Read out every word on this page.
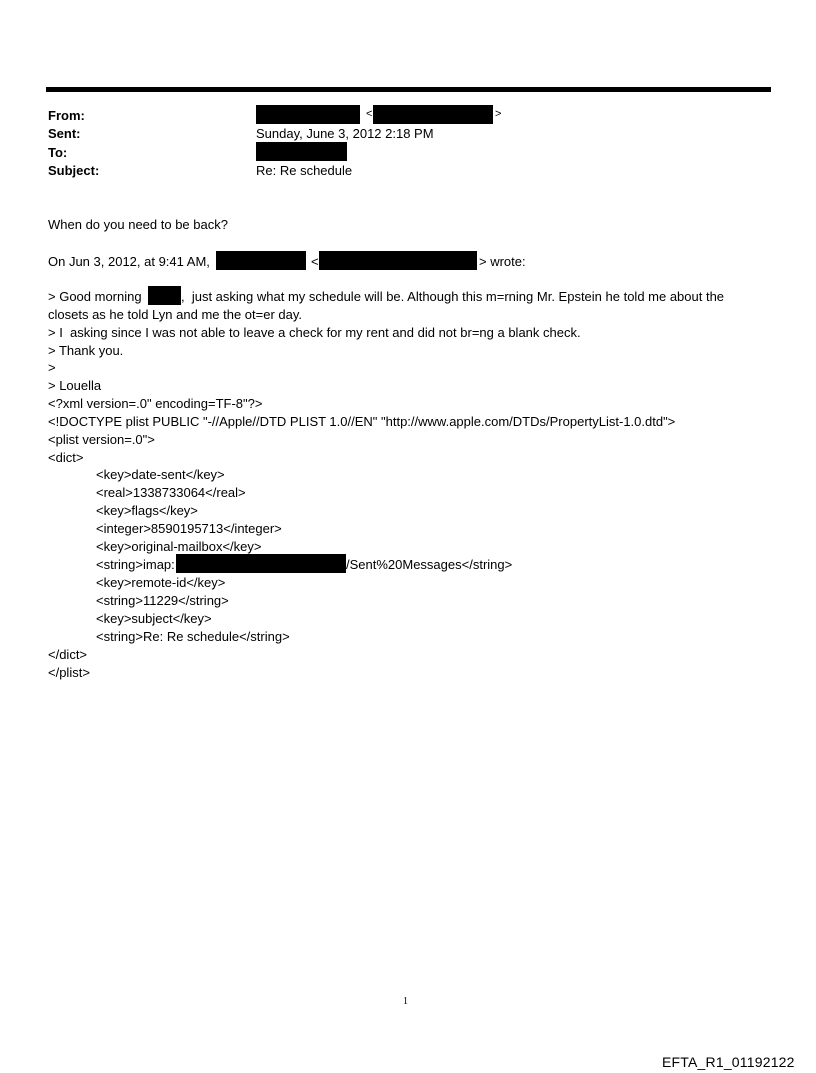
From:	<	>
Sent:	Sunday, June 3, 2012 2:18 PM
To:
Subject:	Re: Re schedule
When do you need to be back?
On Jun 3, 2012, at 9:41 AM,	<	> wrote:
> Good morning	,  just asking what my schedule will be. Although this m=rning Mr. Epstein he told me about the
closets as he told Lyn and me the ot=er day.
> I  asking since I was not able to leave a check for my rent and did not br=ng a blank check.
> Thank you.
>
> Louella
<?xml version=.0" encoding=TF-8"?>
<!DOCTYPE plist PUBLIC "-//Apple//DTD PLIST 1.0//EN" "http://www.apple.com/DTDs/PropertyList-1.0.dtd">
<plist version=.0">
<dict>
<key>date-sent</key>
<real>1338733064</real>
<key>flags</key>
<integer>8590195713</integer>
<key>original-mailbox</key>
<string>imap:	/Sent%20Messages</string>
<key>remote-id</key>
<string>11229</string>
<key>subject</key>
<string>Re: Re schedule</string>
</dict>
</plist>
1
EFTA_R1_01192122
